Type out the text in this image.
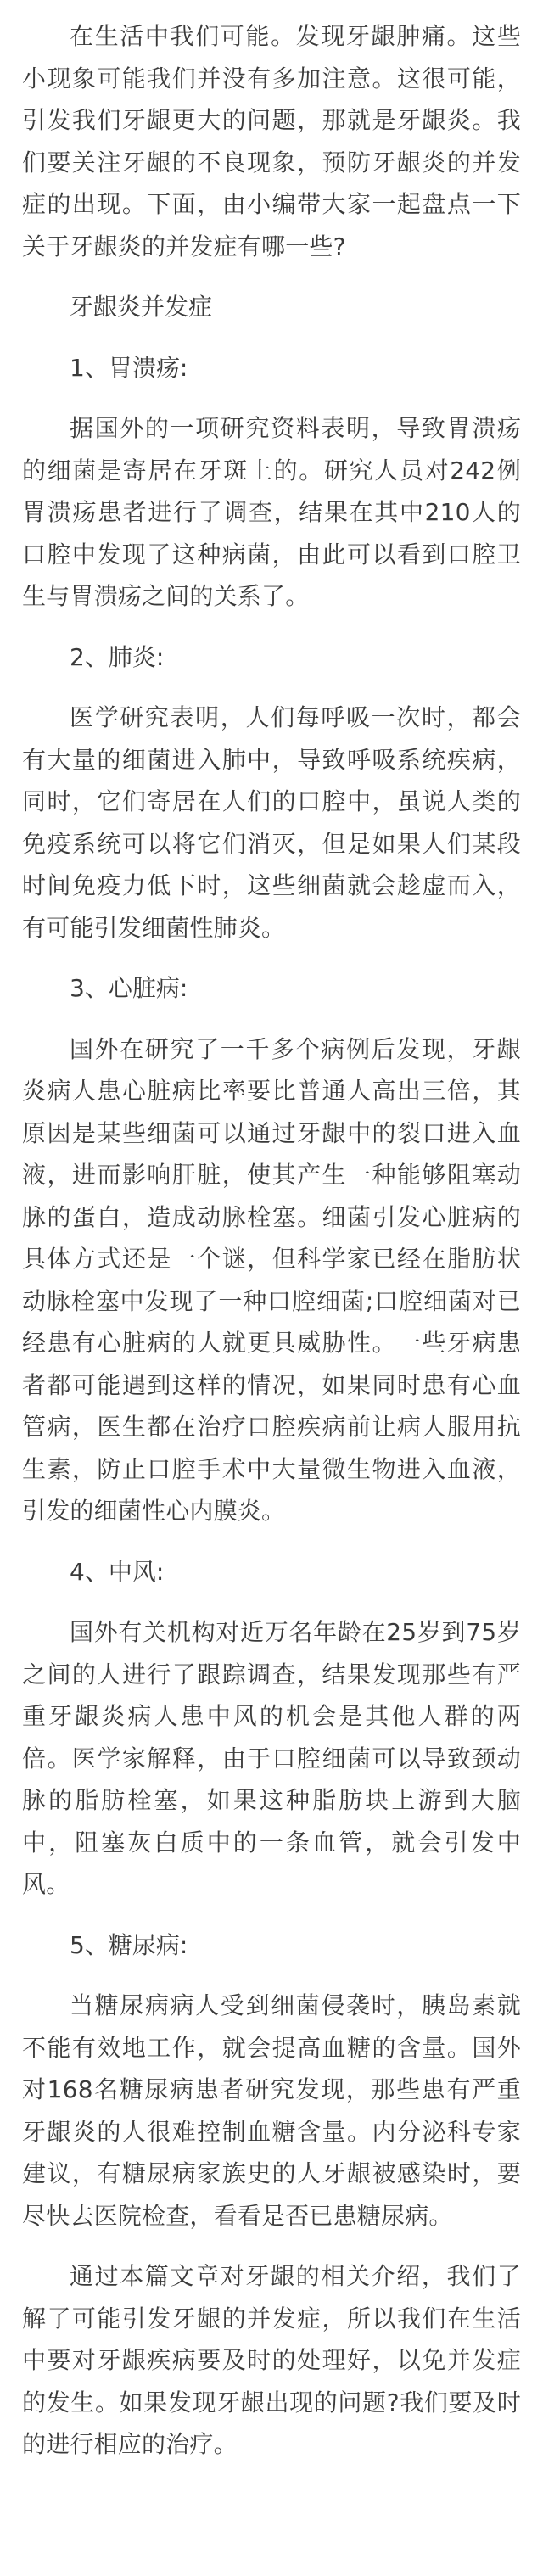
在生活中我们可能。发现牙龈肿痛。这些小现象可能我们并没有多加注意。这很可能，引发我们牙龈更大的问题，那就是牙龈炎。我们要关注牙龈的不良现象，预防牙龈炎的并发症的出现。下面，由小编带大家一起盘点一下关于牙龈炎的并发症有哪一些?

牙龈炎并发症

1、胃溃疡:

据国外的一项研究资料表明，导致胃溃疡的细菌是寄居在牙斑上的。研究人员对242例胃溃疡患者进行了调查，结果在其中210人的口腔中发现了这种病菌，由此可以看到口腔卫生与胃溃疡之间的关系了。

2、肺炎:

医学研究表明，人们每呼吸一次时，都会有大量的细菌进入肺中，导致呼吸系统疾病，同时，它们寄居在人们的口腔中，虽说人类的免疫系统可以将它们消灭，但是如果人们某段时间免疫力低下时，这些细菌就会趁虚而入，有可能引发细菌性肺炎。

3、心脏病:

国外在研究了一千多个病例后发现，牙龈炎病人患心脏病比率要比普通人高出三倍，其原因是某些细菌可以通过牙龈中的裂口进入血液，进而影响肝脏，使其产生一种能够阻塞动脉的蛋白，造成动脉栓塞。细菌引发心脏病的具体方式还是一个谜，但科学家已经在脂肪状动脉栓塞中发现了一种口腔细菌;口腔细菌对已经患有心脏病的人就更具威胁性。一些牙病患者都可能遇到这样的情况，如果同时患有心血管病，医生都在治疗口腔疾病前让病人服用抗生素，防止口腔手术中大量微生物进入血液，引发的细菌性心内膜炎。

4、中风:

国外有关机构对近万名年龄在25岁到75岁之间的人进行了跟踪调查，结果发现那些有严重牙龈炎病人患中风的机会是其他人群的两倍。医学家解释，由于口腔细菌可以导致颈动脉的脂肪栓塞，如果这种脂肪块上游到大脑中，阻塞灰白质中的一条血管，就会引发中风。

5、糖尿病:

当糖尿病病人受到细菌侵袭时，胰岛素就不能有效地工作，就会提高血糖的含量。国外对168名糖尿病患者研究发现，那些患有严重牙龈炎的人很难控制血糖含量。内分泌科专家建议，有糖尿病家族史的人牙龈被感染时，要尽快去医院检查，看看是否已患糖尿病。

通过本篇文章对牙龈的相关介绍，我们了解了可能引发牙龈的并发症，所以我们在生活中要对牙龈疾病要及时的处理好，以免并发症的发生。如果发现牙龈出现的问题?我们要及时的进行相应的治疗。
